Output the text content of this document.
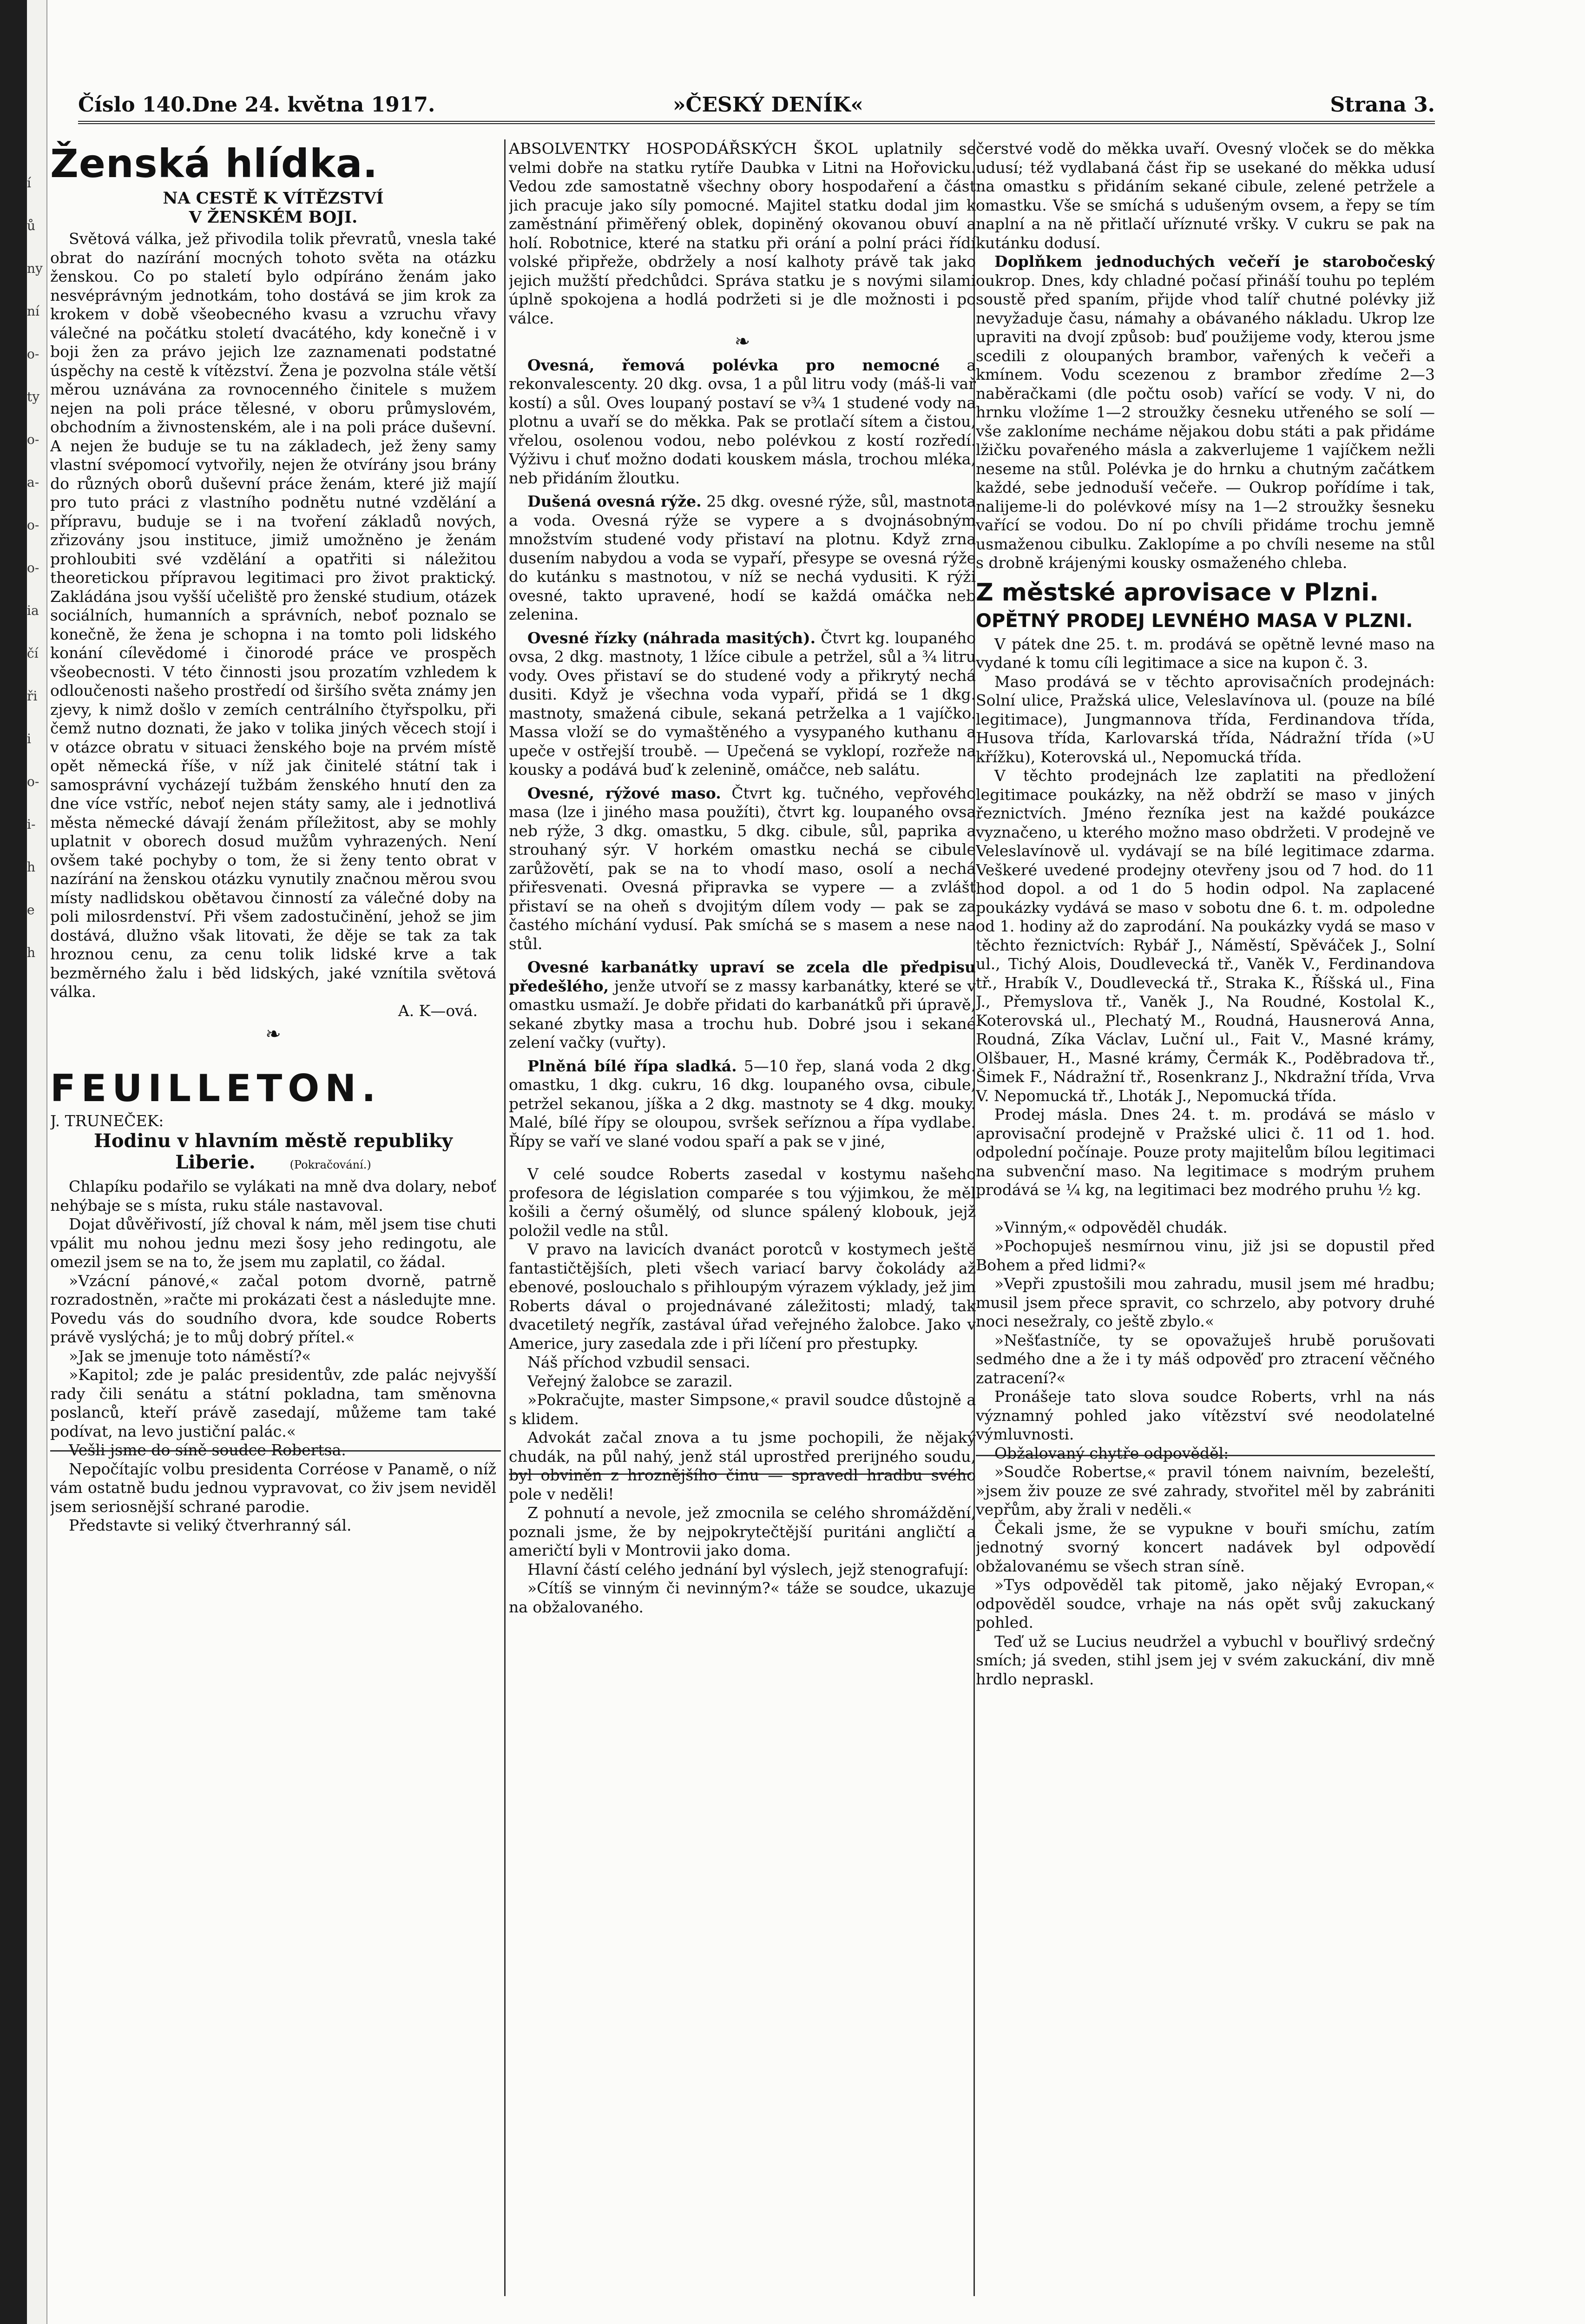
í
ů
ny
ní
o-
ty
o-
a-
o-
o-
ia
čí
ři
i
o-
i-
h
e
h
Číslo 140. Dne 24. května 1917.	»ČESKÝ DENÍK«	Strana 3.
Ženská hlídka.
NA CESTĚ K VÍTĚZSTVÍ
V ŽENSKÉM BOJI.

Světová válka, jež přivodila tolik převratů, vnesla také obrat do nazírání mocných tohoto světa na otázku ženskou. Co po staletí bylo odpíráno ženám jako nesvéprávným jednotkám, toho dostává se jim krok za krokem v době všeobecného kvasu a vzruchu vřavy válečné na počátku století dvacátého, kdy konečně i v boji žen za právo jejich lze zaznamenati podstatné úspěchy na cestě k vítězství. Žena je pozvolna stále větší měrou uznávána za rovnocenného činitele s mužem nejen na poli práce tělesné, v oboru průmyslovém, obchodním a živnostenském, ale i na poli práce duševní. A nejen že buduje se tu na základech, jež ženy samy vlastní svépomocí vytvořily, nejen že otvírány jsou brány do různých oborů duševní práce ženám, které již majíí pro tuto práci z vlastního podnětu nutné vzdělání a přípravu, buduje se i na tvoření základů nových, zřizovány jsou instituce, jimiž umožněno je ženám prohloubiti své vzdělání a opatřiti si náležitou theoretickou přípravou legitimaci pro život praktický. Zakládána jsou vyšší učeliště pro ženské studium, otázek sociálních, humanních a správních, neboť poznalo se konečně, že žena je schopna i na tomto poli lidského konání cílevědomé i činorodé práce ve prospěch všeobecnosti. V této činnosti jsou prozatím vzhledem k odloučenosti našeho prostředí od širšího světa známy jen zjevy, k nimž došlo v zemích centrálního čtyřspolku, při čemž nutno doznati, že jako v tolika jiných věcech stojí i v otázce obratu v situaci ženského boje na prvém místě opět německá říše, v níž jak činitelé státní tak i samosprávní vycházejí tužbám ženského hnutí den za dne více vstříc, neboť nejen státy samy, ale i jednotlivá města německé dávají ženám příležitost, aby se mohly uplatnit v oborech dosud mužům vyhrazených. Není ovšem také pochyby o tom, že si ženy tento obrat v nazírání na ženskou otázku vynutily značnou měrou svou místy nadlidskou obětavou činností za válečné doby na poli milosrdenství. Při všem zadostučinění, jehož se jim dostává, dlužno však litovati, že děje se tak za tak hroznou cenu, za cenu tolik lidské krve a tak bezměrného žalu i běd lidských, jaké vznítila světová válka.

A. K—ová.
❧
FEUILLETON.

J. TRUNEČEK:

Hodinu v hlavním městě republiky
Liberie.	(Pokračování.)

Chlapíku podařilo se vylákati na mně dva dolary, neboť nehýbaje se s místa, ruku stále nastavoval.

Dojat důvěřivostí, jíž choval k nám, měl jsem tise chuti vpálit mu nohou jednu mezi šosy jeho redingotu, ale omezil jsem se na to, že jsem mu zaplatil, co žádal.

»Vzácní pánové,« začal potom dvorně, patrně rozradostněn, »račte mi prokázati čest a následujte mne. Povedu vás do soudního dvora, kde soudce Roberts právě vyslýchá; je to můj dobrý přítel.«

»Jak se jmenuje toto náměstí?«

»Kapitol; zde je palác presidentův, zde palác nejvyšší rady čili senátu a státní pokladna, tam směnovna poslanců, kteří právě zasedají, můžeme tam také podívat, na levo justiční palác.«

Vešli jsme do síně soudce Robertsa.

Nepočítajíc volbu presidenta Corréose v Panamě, o níž vám ostatně budu jednou vypravovat, co živ jsem neviděl jsem seriosnější schrané parodie.

Představte si veliký čtverhranný sál.

ABSOLVENTKY HOSPODÁŘSKÝCH ŠKOL uplatnily se velmi dobře na statku rytíře Daubka v Litni na Hořovicku. Vedou zde samostatně všechny obory hospodaření a část jich pracuje jako síly pomocné. Majitel statku dodal jim k zaměstnání přiměřený oblek, dopiněný okovanou obuví a holí. Robotnice, které na statku při orání a polní práci řídí volské připřeže, obdržely a nosí kalhoty právě tak jako jejich mužští předchůdci. Správa statku je s novými silami úplně spokojena a hodlá podržeti si je dle možnosti i po válce.

❧

Ovesná, řemová polévka pro nemocné a rekonvalescenty. 20 dkg. ovsa, 1 a půl litru vody (máš-li vař kostí) a sůl. Oves loupaný postaví se v¾ 1 studené vody na plotnu a uvaří se do měkka. Pak se protlačí sítem a čistou, vřelou, osolenou vodou, nebo polévkou z kostí rozředí. Výživu i chuť možno dodati kouskem másla, trochou mléka, neb přidáním žloutku.

Dušená ovesná rýže. 25 dkg. ovesné rýže, sůl, mastnota a voda. Ovesná rýže se vypere a s dvojnásobným množstvím studené vody přistaví na plotnu. Když zrna dusením nabydou a voda se vypaří, přesype se ovesná rýže do kutánku s mastnotou, v níž se nechá vydusiti. K rýži ovesné, takto upravené, hodí se každá omáčka neb zelenina.

Ovesné řízky (náhrada masitých). Čtvrt kg. loupaného ovsa, 2 dkg. mastnoty, 1 lžíce cibule a petržel, sůl a ¾ litru vody. Oves přistaví se do studené vody a přikrytý nechá dusiti. Když je všechna voda vypaří, přidá se 1 dkg. mastnoty, smažená cibule, sekaná petrželka a 1 vajíčko. Massa vloží se do vymaštěného a vysypaného kuthanu a upeče v ostřejší troubě. — Upečená se vyklopí, rozřeže na kousky a podává buď k zelenině, omáčce, neb salátu.

Ovesné, rýžové maso. Čtvrt kg. tučného, vepřového masa (lze i jiného masa použíti), čtvrt kg. loupaného ovsa neb rýže, 3 dkg. omastku, 5 dkg. cibule, sůl, paprika a strouhaný sýr. V horkém omastku nechá se cibule zarůžovětí, pak se na to vhodí maso, osolí a nechá přiřesvenati. Ovesná připravka se vypere — a zvlášť přistaví se na oheň s dvojitým dílem vody — pak se za častého míchání vydusí. Pak smíchá se s masem a nese na stůl.

Ovesné karbanátky upraví se zcela dle předpisu předešlého, jenže utvoří se z massy karbanátky, které se v omastku usmaží. Je dobře přidati do karbanátků při úpravě, sekané zbytky masa a trochu hub. Dobré jsou i sekané zelení vačky (vuřty).

Plněná bílé řípa sladká. 5—10 řep, slaná voda 2 dkg. omastku, 1 dkg. cukru, 16 dkg. loupaného ovsa, cibule, petržel sekanou, jíška a 2 dkg. mastnoty se 4 dkg. mouky. Malé, bílé řípy se oloupou, svršek seříznou a řípa vydlabe. Řípy se vaří ve slané vodou spaří a pak se v jiné,

V celé soudce Roberts zasedal v kostymu našeho profesora de législation comparée s tou výjimkou, že měl košili a černý ošumělý, od slunce spálený klobouk, jejž položil vedle na stůl.

V pravo na lavicích dvanáct porotců v kostymech ještě fantastičtějších, pleti všech variací barvy čokolády až ebenové, poslouchalo s přihloupým výrazem výklady, jež jim Roberts dával o projednávané záležitosti; mladý, tak dvacetiletý negřík, zastával úřad veřejného žalobce. Jako v Americe, jury zasedala zde i při líčení pro přestupky.

Náš příchod vzbudil sensaci.

Veřejný žalobce se zarazil.

»Pokračujte, master Simpsone,« pravil soudce důstojně a s klidem.

Advokát začal znova a tu jsme pochopili, že nějaký chudák, na půl nahý, jenž stál uprostřed prerijného soudu, byl obviněn z hroznějšího činu — spravedl hradbu svého pole v neděli!

Z pohnutí a nevole, jež zmocnila se celého shromáždění, poznali jsme, že by nejpokrytečtější puritáni angličtí a američtí byli v Montrovii jako doma.

Hlavní částí celého jednání byl výslech, jejž stenografují:

»Cítíš se vinným či nevinným?« táže se soudce, ukazuje na obžalovaného.

čerstvé vodě do měkka uvaří. Ovesný vloček se do měkka udusí; též vydlabaná část řip se usekané do měkka udusí na omastku s přidáním sekané cibule, zelené petržele a omastku. Vše se smíchá s udušeným ovsem, a řepy se tím naplní a na ně přitlačí uříznuté vršky. V cukru se pak na kutánku dodusí.

Doplňkem jednoduchých večeří je starobočeský oukrop. Dnes, kdy chladné počasí přináší touhu po teplém soustě před spaním, přijde vhod talíř chutné polévky již nevyžaduje času, námahy a obávaného nákladu. Ukrop lze upraviti na dvojí způsob: buď použijeme vody, kterou jsme scedili z oloupaných brambor, vařených k večeři a kmínem. Vodu scezenou z brambor zředíme 2—3 naběračkami (dle počtu osob) vařící se vody. V ni, do hrnku vložíme 1—2 stroužky česneku utřeného se solí — vše zakloníme necháme nějakou dobu státi a pak přidáme lžičku povařeného másla a zakverlujeme 1 vajíčkem nežli neseme na stůl. Polévka je do hrnku a chutným začátkem každé, sebe jednoduší večeře. — Oukrop pořídíme i tak, nalijeme-li do polévkové mísy na 1—2 stroužky šesneku vařící se vodou. Do ní po chvíli přidáme trochu jemně usmaženou cibulku. Zaklopíme a po chvíli neseme na stůl s drobně krájenými kousky osmaženého chleba.

Z městské aprovisace v Plzni.
OPĚTNÝ PRODEJ LEVNÉHO MASA V PLZNI.

V pátek dne 25. t. m. prodává se opětně levné maso na vydané k tomu cíli legitimace a sice na kupon č. 3.

Maso prodává se v těchto aprovisačních prodejnách: Solní ulice, Pražská ulice, Veleslavínova ul. (pouze na bílé legitimace), Jungmannova třída, Ferdinandova třída, Husova třída, Karlovarská třída, Nádražní třída (»U křížku), Koterovská ul., Nepomucká třída.

V těchto prodejnách lze zaplatiti na předložení legitimace poukázky, na něž obdrží se maso v jiných řeznictvích. Jméno řezníka jest na každé poukázce vyznačeno, u kterého možno maso obdržeti. V prodejně ve Veleslavínově ul. vydávají se na bílé legitimace zdarma. Veškeré uvedené prodejny otevřeny jsou od 7 hod. do 11 hod dopol. a od 1 do 5 hodin odpol. Na zaplacené poukázky vydává se maso v sobotu dne 6. t. m. odpoledne od 1. hodiny až do zaprodání. Na poukázky vydá se maso v těchto řeznictvích: Rybář J., Náměstí, Spěváček J., Solní ul., Tichý Alois, Doudlevecká tř., Vaněk V., Ferdinandova tř., Hrabík V., Doudlevecká tř., Straka K., Říšská ul., Fina J., Přemyslova tř., Vaněk J., Na Roudné, Kostolal K., Koterovská ul., Plechatý M., Roudná, Hausnerová Anna, Roudná, Zíka Václav, Luční ul., Fait V., Masné krámy, Olšbauer, H., Masné krámy, Čermák K., Poděbradova tř., Šimek F., Nádražní tř., Rosenkranz J., Nkdražní třída, Vrva V. Nepomucká tř., Lhoták J., Nepomucká třída.

Prodej másla. Dnes 24. t. m. prodává se máslo v aprovisační prodejně v Pražské ulici č. 11 od 1. hod. odpolední počínaje. Pouze proty majitelům bílou legitimaci na subvenční maso. Na legitimace s modrým pruhem prodává se ¼ kg, na legitimaci bez modrého pruhu ½ kg.

»Vinným,« odpověděl chudák.

»Pochopuješ nesmírnou vinu, již jsi se dopustil před Bohem a před lidmi?«

»Vepři zpustošili mou zahradu, musil jsem mé hradbu; musil jsem přece spravit, co schrzelo, aby potvory druhé noci nesežraly, co ještě zbylo.«

»Nešťastníče, ty se opovažuješ hrubě porušovati sedmého dne a že i ty máš odpověď pro ztracení věčného zatracení?«

Pronášeje tato slova soudce Roberts, vrhl na nás významný pohled jako vítězství své neodolatelné výmluvnosti.

Obžalovaný chytře odpověděl:

»Soudče Robertse,« pravil tónem naivním, bezeleští, »jsem živ pouze ze své zahrady, stvořitel měl by zabrániti vepřům, aby žrali v neděli.«

Čekali jsme, že se vypukne v bouři smíchu, zatím jednotný svorný koncert nadávek byl odpovědí obžalovanému se všech stran síně.

»Tys odpověděl tak pitomě, jako nějaký Evropan,« odpověděl soudce, vrhaje na nás opět svůj zakuckaný pohled.

Teď už se Lucius neudržel a vybuchl v bouřlivý srdečný smích; já sveden, stihl jsem jej v svém zakuckání, div mně hrdlo nepraskl.
